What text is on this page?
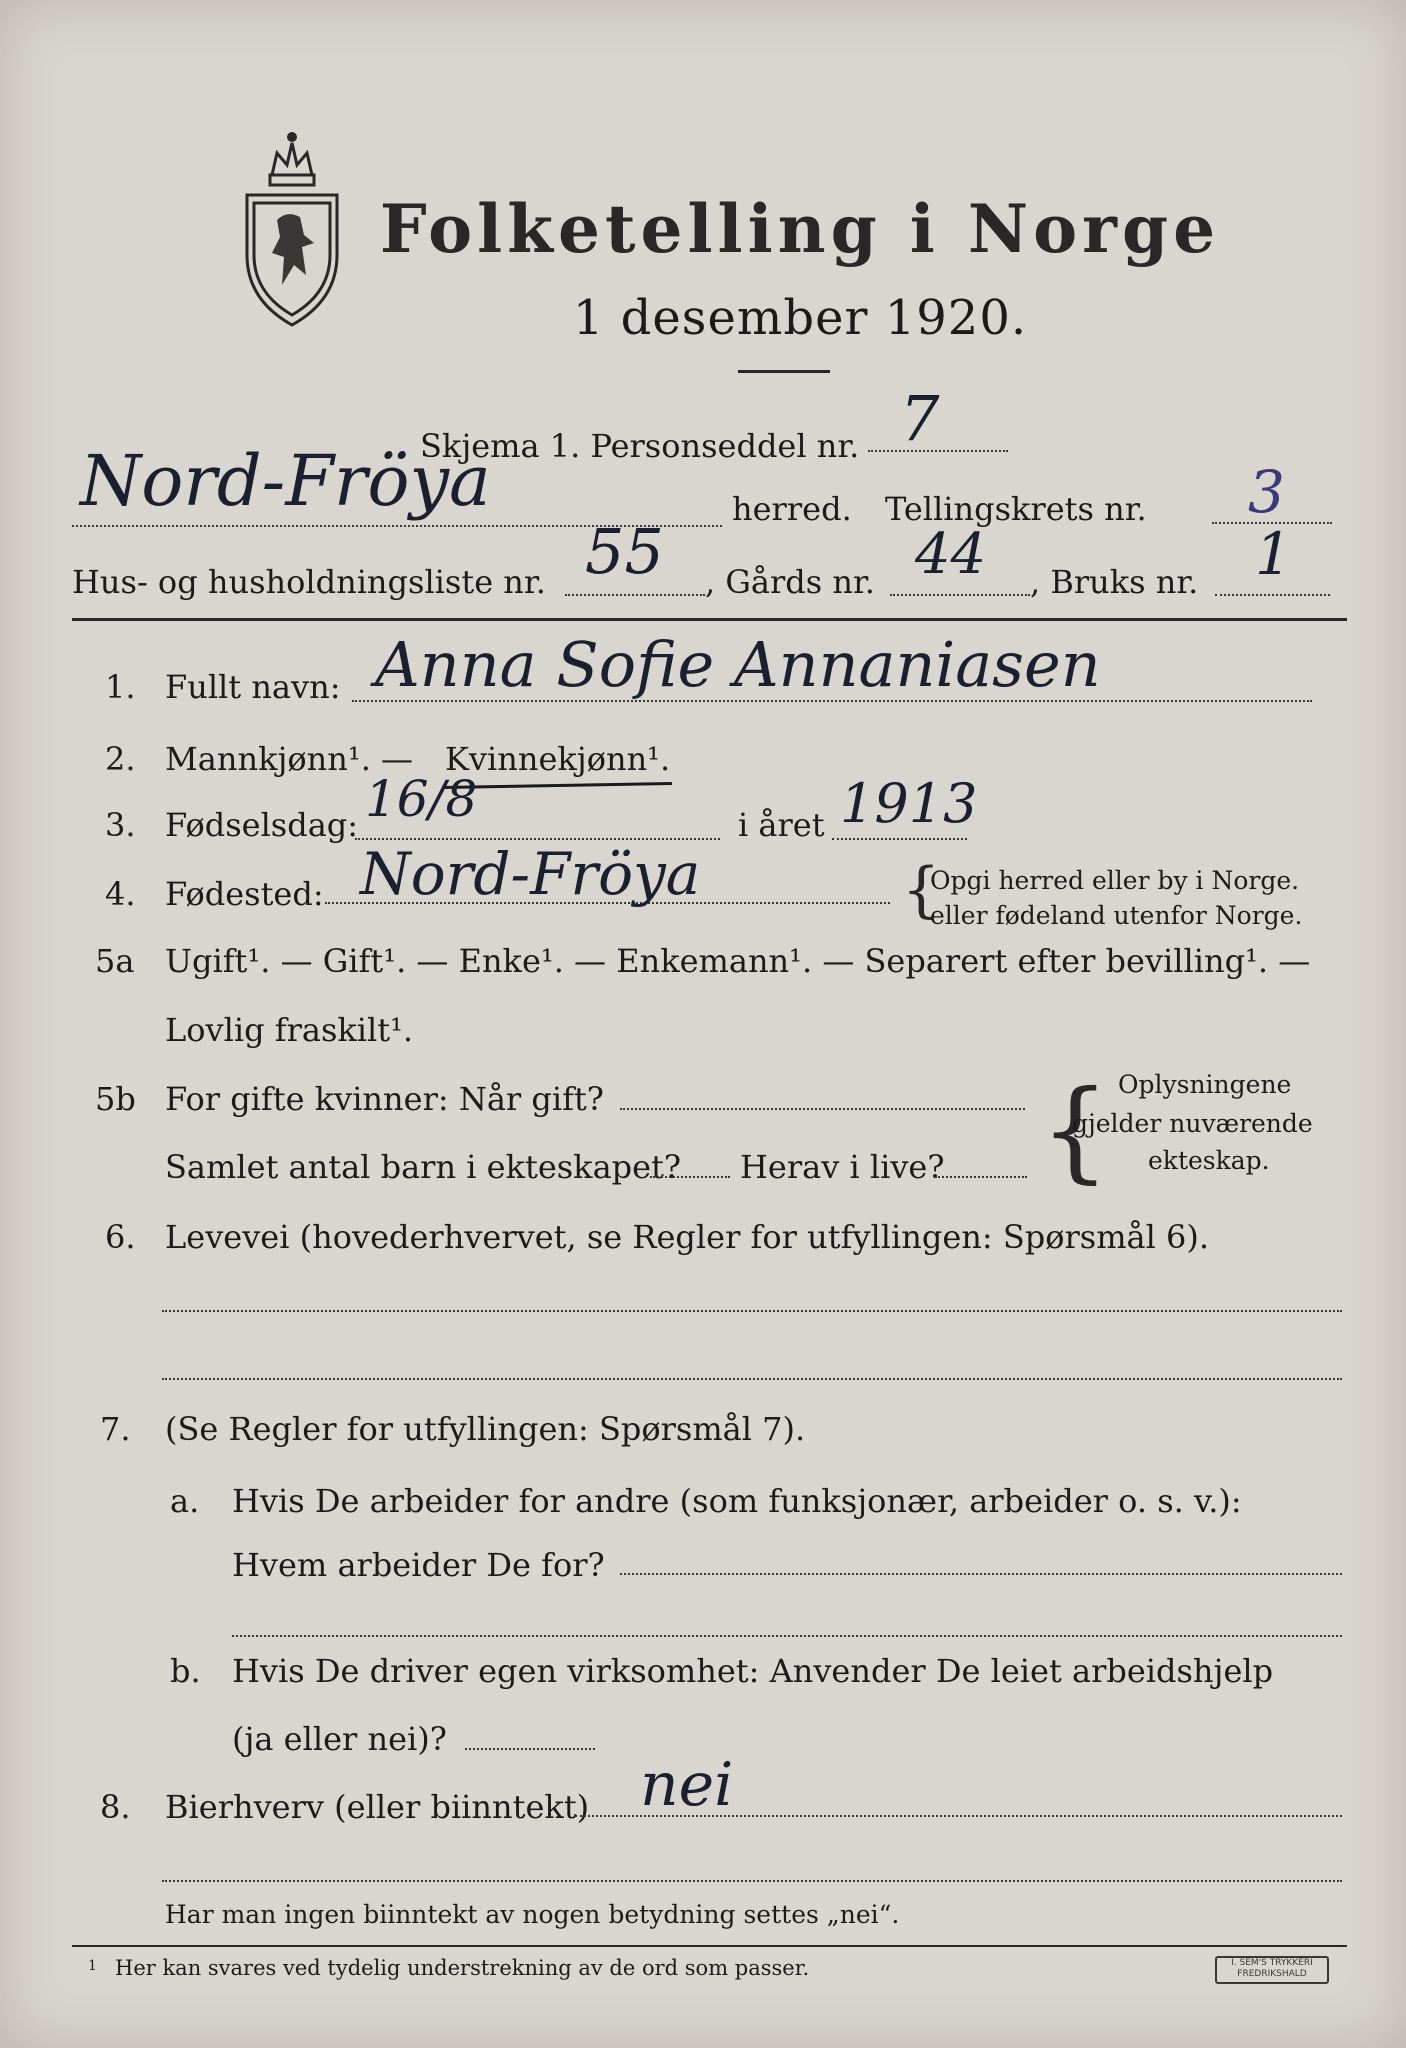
Folketelling i Norge
1 desember 1920.
Skjema 1. Personseddel nr. 7
Nord-Fröya	herred. Tellingskrets nr. 3
Hus- og husholdningsliste nr. 55 , Gårds nr. 44 , Bruks nr. 1
1. Fullt navn: Anna Sofie Annaniasen
2. Mannkjønn¹. — Kvinnekjønn¹.
3. Fødselsdag: 16/8	i året 1913
4. Fødested: Nord-Fröya	{
Opgi herred eller by i Norge.
eller fødeland utenfor Norge.
5a Ugift¹. — Gift¹. — Enke¹. — Enkemann¹. — Separert efter bevilling¹. —
Lovlig fraskilt¹.
5b For gifte kvinner: Når gift?
Samlet antal barn i ekteskapet? Herav i live? { Oplysningene
gjelder nuværende
ekteskap.
6. Levevei (hovederhvervet, se Regler for utfyllingen: Spørsmål 6).
7. (Se Regler for utfyllingen: Spørsmål 7).
a. Hvis De arbeider for andre (som funksjonær, arbeider o. s. v.):
Hvem arbeider De for?
b. Hvis De driver egen virksomhet: Anvender De leiet arbeidshjelp
(ja eller nei)?
8. Bierhverv (eller biinntekt) nei
Har man ingen biinntekt av nogen betydning settes „nei“.
1 Her kan svares ved tydelig understrekning av de ord som passer.	I. SEM'S TRYKKERI FREDRIKSHALD
